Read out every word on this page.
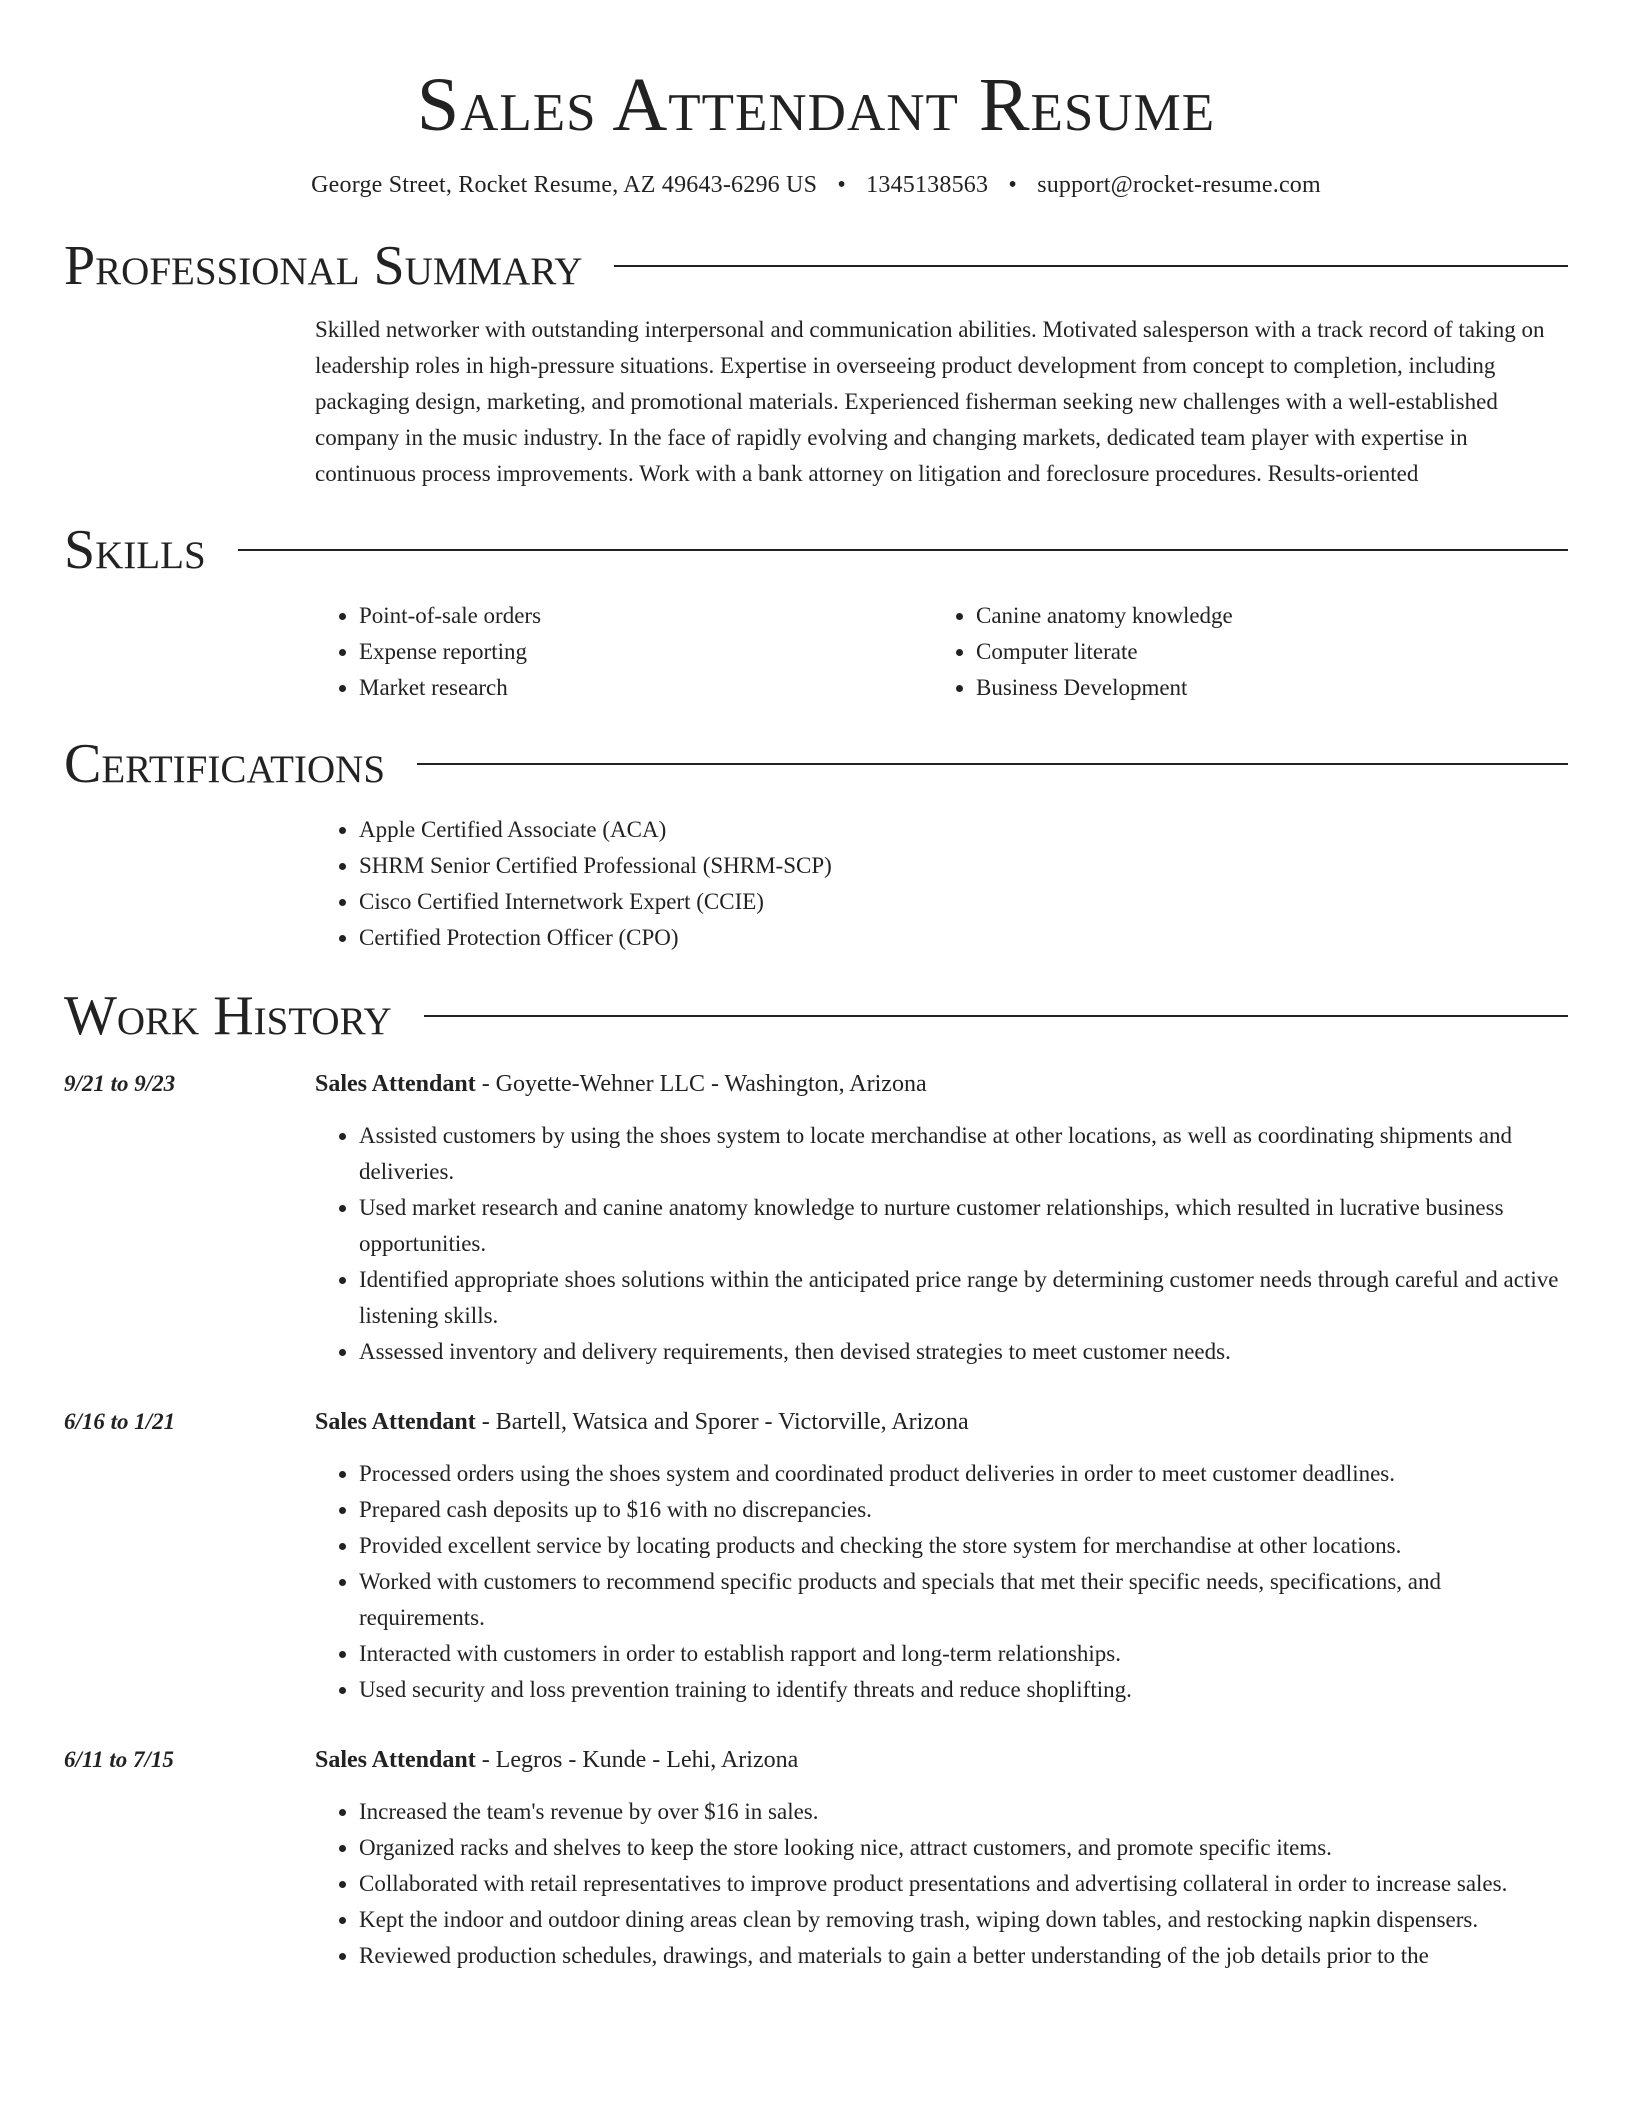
Sales Attendant Resume
George Street, Rocket Resume, AZ 49643-6296 US • 1345138563 • support@rocket-resume.com
Professional Summary

Skilled networker with outstanding interpersonal and communication abilities. Motivated salesperson with a track record of taking on leadership roles in high-pressure situations. Expertise in overseeing product development from concept to completion, including packaging design, marketing, and promotional materials. Experienced fisherman seeking new challenges with a well-established company in the music industry. In the face of rapidly evolving and changing markets, dedicated team player with expertise in continuous process improvements. Work with a bank attorney on litigation and foreclosure procedures. Results-oriented

Skills
• Point-of-sale orders
• Expense reporting
• Market research
• Canine anatomy knowledge
• Computer literate
• Business Development
Certifications
• Apple Certified Associate (ACA)
• SHRM Senior Certified Professional (SHRM-SCP)
• Cisco Certified Internetwork Expert (CCIE)
• Certified Protection Officer (CPO)
Work History
9/21 to 9/23	Sales Attendant - Goyette-Wehner LLC - Washington, Arizona
• Assisted customers by using the shoes system to locate merchandise at other locations, as well as coordinating shipments and deliveries.
• Used market research and canine anatomy knowledge to nurture customer relationships, which resulted in lucrative business opportunities.
• Identified appropriate shoes solutions within the anticipated price range by determining customer needs through careful and active listening skills.
• Assessed inventory and delivery requirements, then devised strategies to meet customer needs.
6/16 to 1/21	Sales Attendant - Bartell, Watsica and Sporer - Victorville, Arizona
• Processed orders using the shoes system and coordinated product deliveries in order to meet customer deadlines.
• Prepared cash deposits up to $16 with no discrepancies.
• Provided excellent service by locating products and checking the store system for merchandise at other locations.
• Worked with customers to recommend specific products and specials that met their specific needs, specifications, and requirements.
• Interacted with customers in order to establish rapport and long-term relationships.
• Used security and loss prevention training to identify threats and reduce shoplifting.
6/11 to 7/15	Sales Attendant - Legros - Kunde - Lehi, Arizona
• Increased the team's revenue by over $16 in sales.
• Organized racks and shelves to keep the store looking nice, attract customers, and promote specific items.
• Collaborated with retail representatives to improve product presentations and advertising collateral in order to increase sales.
• Kept the indoor and outdoor dining areas clean by removing trash, wiping down tables, and restocking napkin dispensers.
• Reviewed production schedules, drawings, and materials to gain a better understanding of the job details prior to the
